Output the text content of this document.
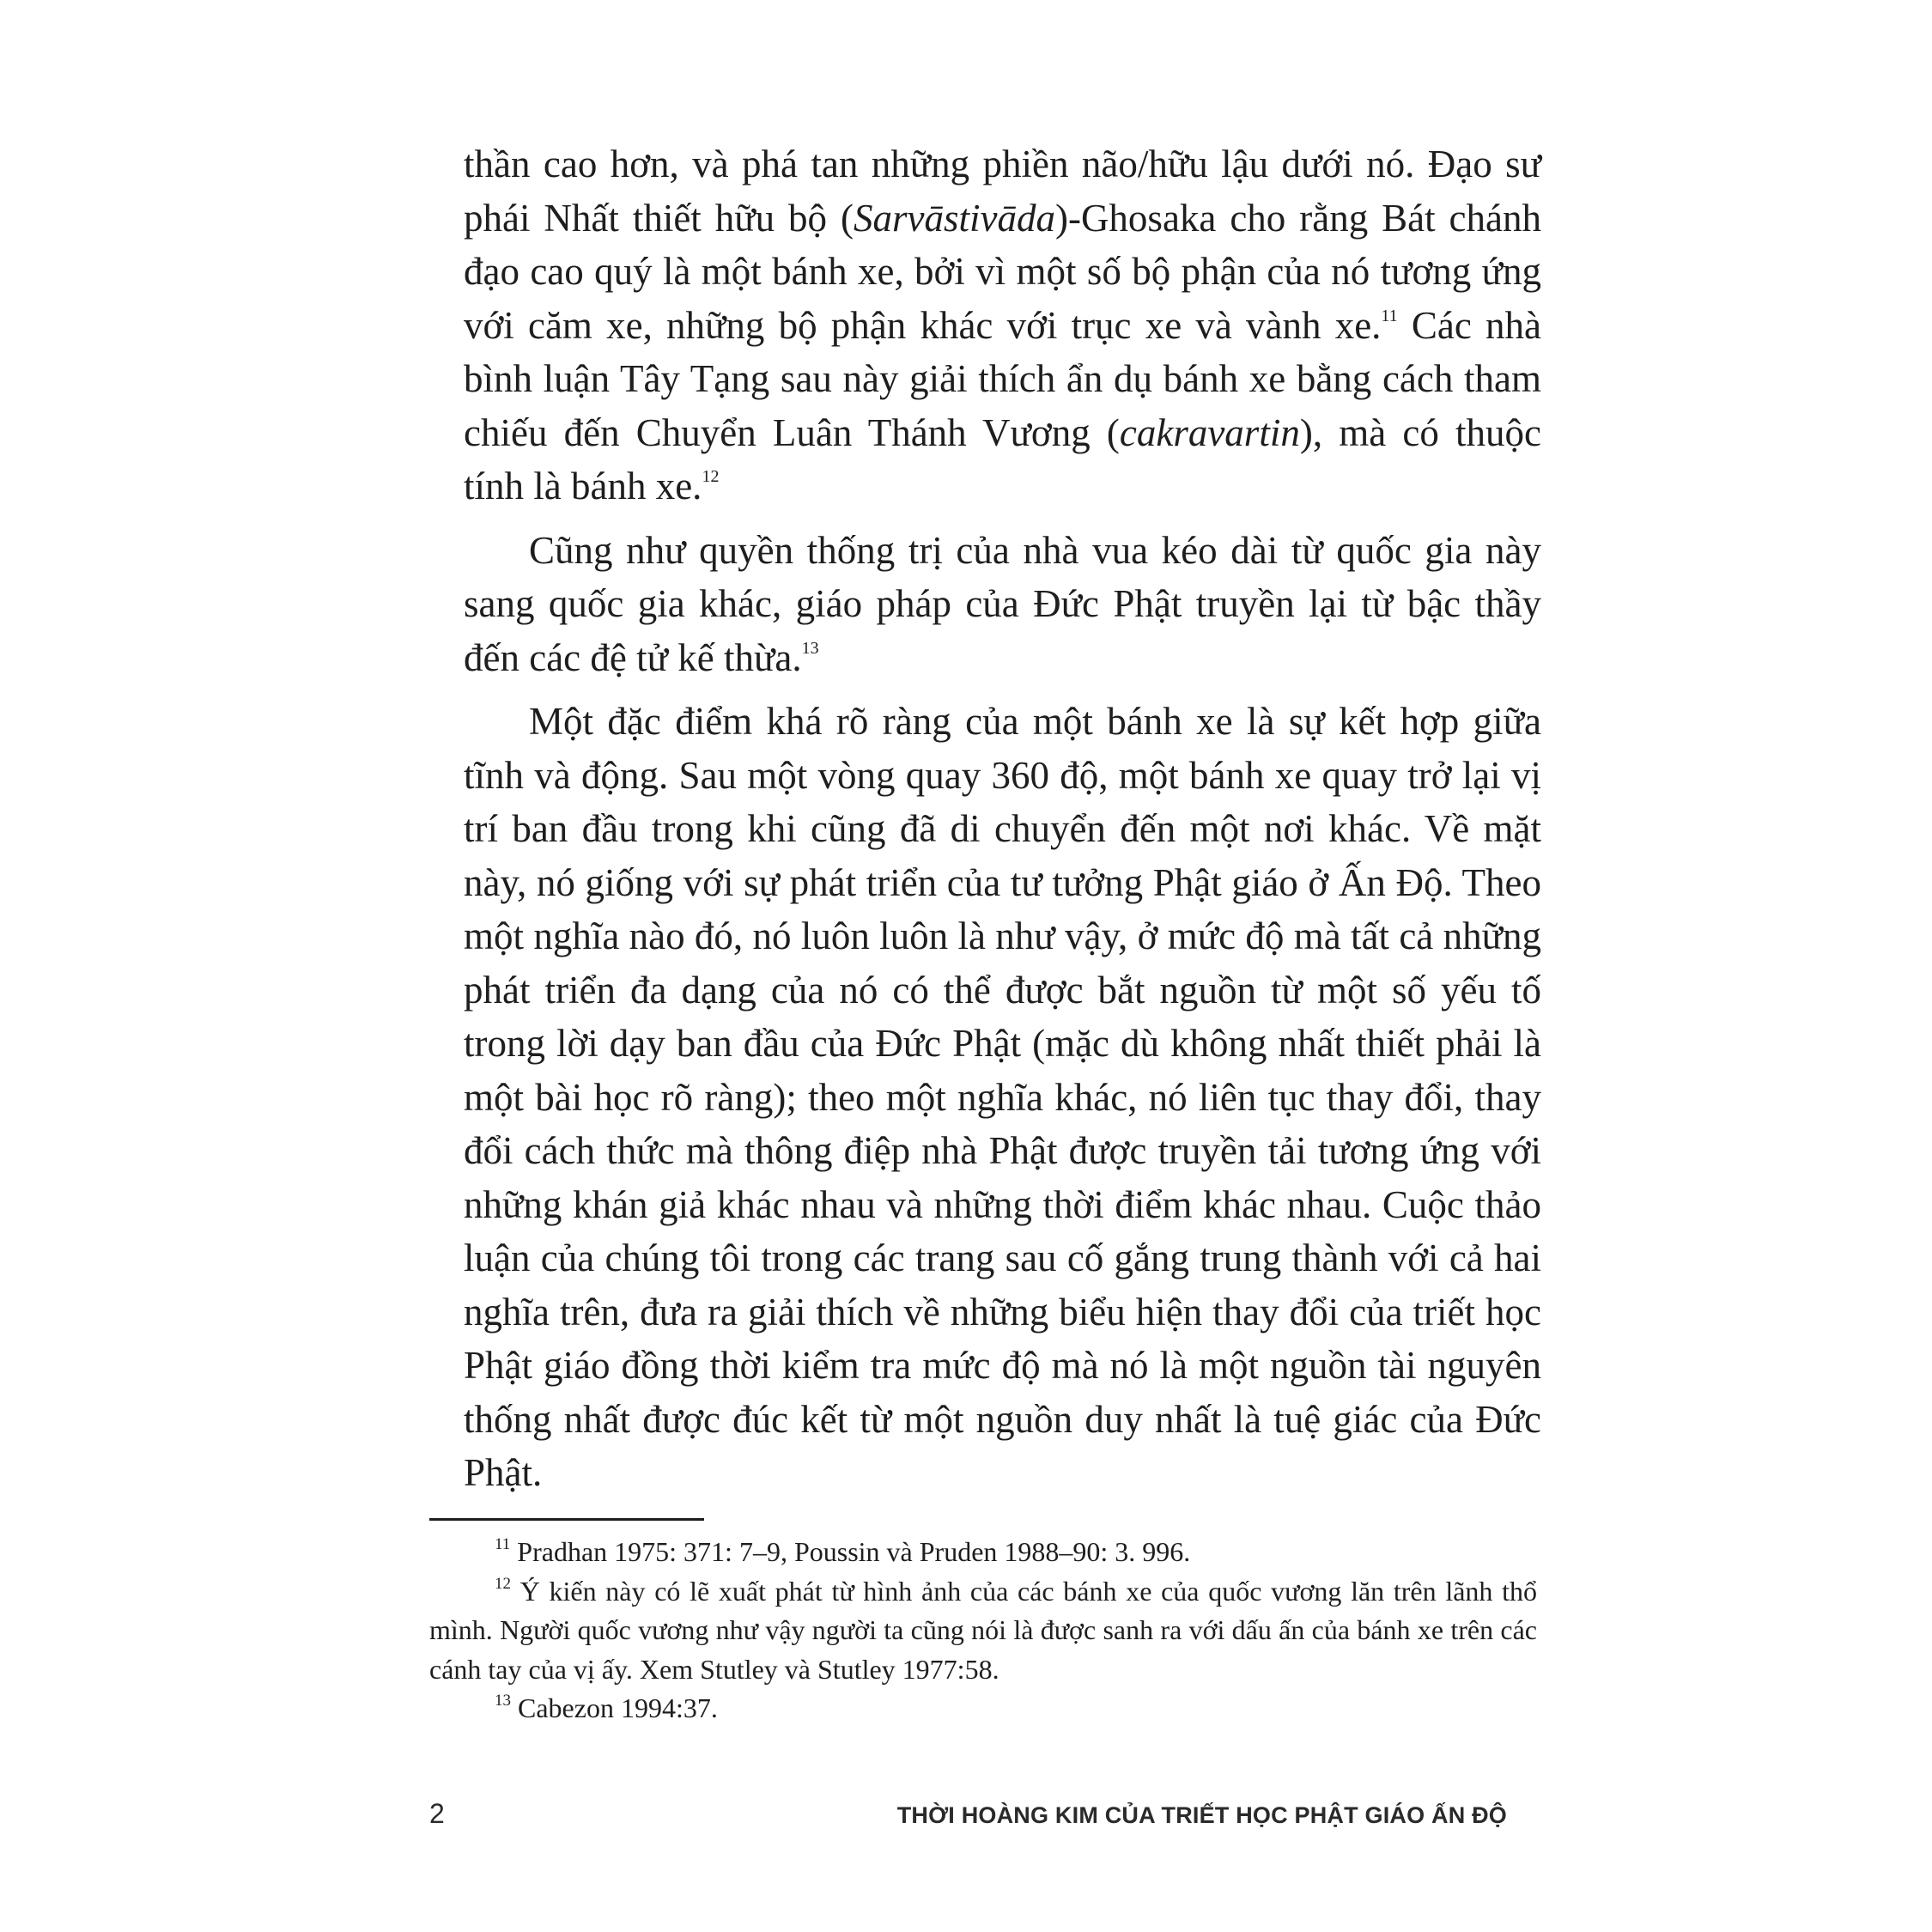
thần cao hơn, và phá tan những phiền não/hữu lậu dưới nó. Đạo sư phái Nhất thiết hữu bộ (Sarvāstivāda)-Ghosaka cho rằng Bát chánh đạo cao quý là một bánh xe, bởi vì một số bộ phận của nó tương ứng với căm xe, những bộ phận khác với trục xe và vành xe.$^{11}$ Các nhà bình luận Tây Tạng sau này giải thích ẩn dụ bánh xe bằng cách tham chiếu đến Chuyển Luân Thánh Vương (cakravartin), mà có thuộc tính là bánh xe.$^{12}$

Cũng như quyền thống trị của nhà vua kéo dài từ quốc gia này sang quốc gia khác, giáo pháp của Đức Phật truyền lại từ bậc thầy đến các đệ tử kế thừa.$^{13}$

Một đặc điểm khá rõ ràng của một bánh xe là sự kết hợp giữa tĩnh và động. Sau một vòng quay 360 độ, một bánh xe quay trở lại vị trí ban đầu trong khi cũng đã di chuyển đến một nơi khác. Về mặt này, nó giống với sự phát triển của tư tưởng Phật giáo ở Ấn Độ. Theo một nghĩa nào đó, nó luôn luôn là như vậy, ở mức độ mà tất cả những phát triển đa dạng của nó có thể được bắt nguồn từ một số yếu tố trong lời dạy ban đầu của Đức Phật (mặc dù không nhất thiết phải là một bài học rõ ràng); theo một nghĩa khác, nó liên tục thay đổi, thay đổi cách thức mà thông điệp nhà Phật được truyền tải tương ứng với những khán giả khác nhau và những thời điểm khác nhau. Cuộc thảo luận của chúng tôi trong các trang sau cố gắng trung thành với cả hai nghĩa trên, đưa ra giải thích về những biểu hiện thay đổi của triết học Phật giáo đồng thời kiểm tra mức độ mà nó là một nguồn tài nguyên thống nhất được đúc kết từ một nguồn duy nhất là tuệ giác của Đức Phật.

$^{11}$ Pradhan 1975: 371: 7–9, Poussin và Pruden 1988–90: 3. 996.

$^{12}$ Ý kiến này có lẽ xuất phát từ hình ảnh của các bánh xe của quốc vương lăn trên lãnh thổ mình. Người quốc vương như vậy người ta cũng nói là được sanh ra với dấu ấn của bánh xe trên các cánh tay của vị ấy. Xem Stutley và Stutley 1977:58.

$^{13}$ Cabezon 1994:37.

2	THỜI HOÀNG KIM CỦA TRIẾT HỌC PHẬT GIÁO ẤN ĐỘ
